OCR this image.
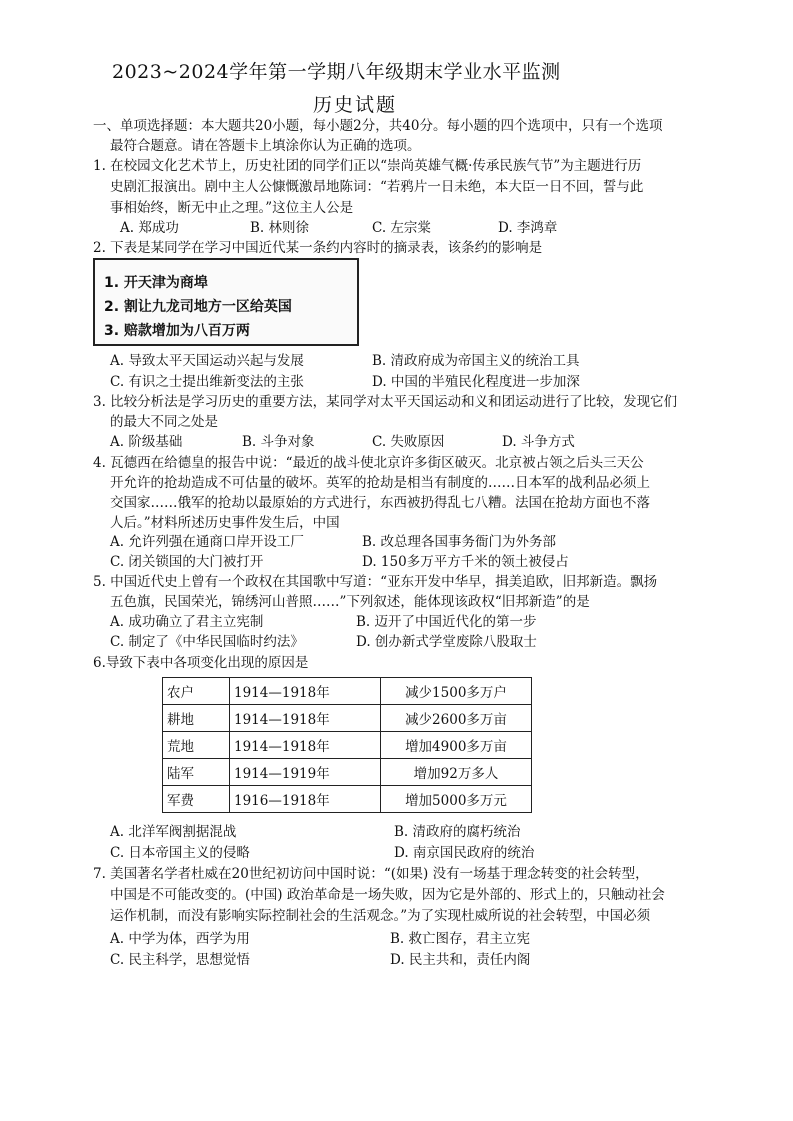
2023~2024学年第一学期八年级期末学业水平监测
历史试题
一、单项选择题：本大题共20小题，每小题2分，共40分。每小题的四个选项中，只有一个选项
最符合题意。请在答题卡上填涂你认为正确的选项。
1. 在校园文化艺术节上，历史社团的同学们正以“崇尚英雄气概·传承民族气节”为主题进行历
史剧汇报演出。剧中主人公慷慨激昂地陈词：“若鸦片一日未绝，本大臣一日不回，誓与此
事相始终，断无中止之理。”这位主人公是
A. 郑成功	B. 林则徐	C. 左宗棠	D. 李鸿章
2. 下表是某同学在学习中国近代某一条约内容时的摘录表，该条约的影响是
1. 开天津为商埠
2. 割让九龙司地方一区给英国
3. 赔款增加为八百万两
A. 导致太平天国运动兴起与发展	B. 清政府成为帝国主义的统治工具
C. 有识之士提出维新变法的主张	D. 中国的半殖民化程度进一步加深
3. 比较分析法是学习历史的重要方法，某同学对太平天国运动和义和团运动进行了比较，发现它们
的最大不同之处是
A. 阶级基础	B. 斗争对象	C. 失败原因	D. 斗争方式
4. 瓦德西在给德皇的报告中说：“最近的战斗使北京许多街区破灭。北京被占领之后头三天公
开允许的抢劫造成不可估量的破坏。英军的抢劫是相当有制度的……日本军的战利品必须上
交国家……俄军的抢劫以最原始的方式进行，东西被扔得乱七八糟。法国在抢劫方面也不落
人后。”材料所述历史事件发生后，中国
A. 允许列强在通商口岸开设工厂	B. 改总理各国事务衙门为外务部
C. 闭关锁国的大门被打开	D. 150多万平方千米的领土被侵占
5. 中国近代史上曾有一个政权在其国歌中写道：“亚东开发中华早，揖美追欧，旧邦新造。飘扬
五色旗，民国荣光，锦绣河山普照……”下列叙述，能体现该政权“旧邦新造”的是
A. 成功确立了君主立宪制	B. 迈开了中国近代化的第一步
C. 制定了《中华民国临时约法》	D. 创办新式学堂废除八股取士
6.导致下表中各项变化出现的原因是
农户	1914—1918年	减少1500多万户
耕地	1914—1918年	减少2600多万亩
荒地	1914—1918年	增加4900多万亩
陆军	1914—1919年	增加92万多人
军费	1916—1918年	增加5000多万元
A. 北洋军阀割据混战	B. 清政府的腐朽统治
C. 日本帝国主义的侵略	D. 南京国民政府的统治
7. 美国著名学者杜威在20世纪初访问中国时说：“(如果) 没有一场基于理念转变的社会转型，
中国是不可能改变的。(中国) 政治革命是一场失败，因为它是外部的、形式上的，只触动社会
运作机制，而没有影响实际控制社会的生活观念。”为了实现杜威所说的社会转型，中国必须
A. 中学为体，西学为用	B. 救亡图存，君主立宪
C. 民主科学，思想觉悟	D. 民主共和，责任内阁
